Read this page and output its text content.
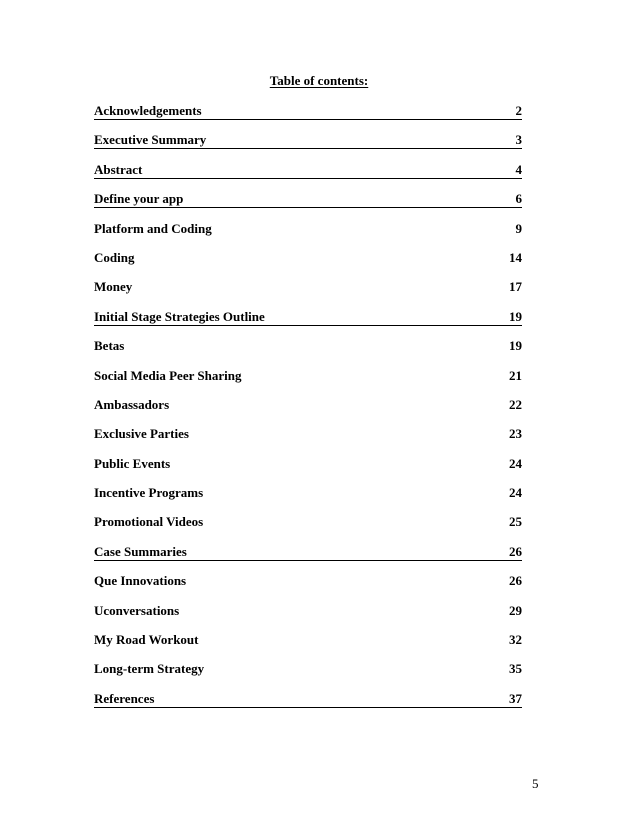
Table of contents:
Acknowledgements	2
Executive Summary	3
Abstract	4
Define your app	6
Platform and Coding	9
Coding	14
Money	17
Initial Stage Strategies Outline	19
Betas	19
Social Media Peer Sharing	21
Ambassadors	22
Exclusive Parties	23
Public Events	24
Incentive Programs	24
Promotional Videos	25
Case Summaries	26
Que Innovations	26
Uconversations	29
My Road Workout	32
Long-term Strategy	35
References	37
5
